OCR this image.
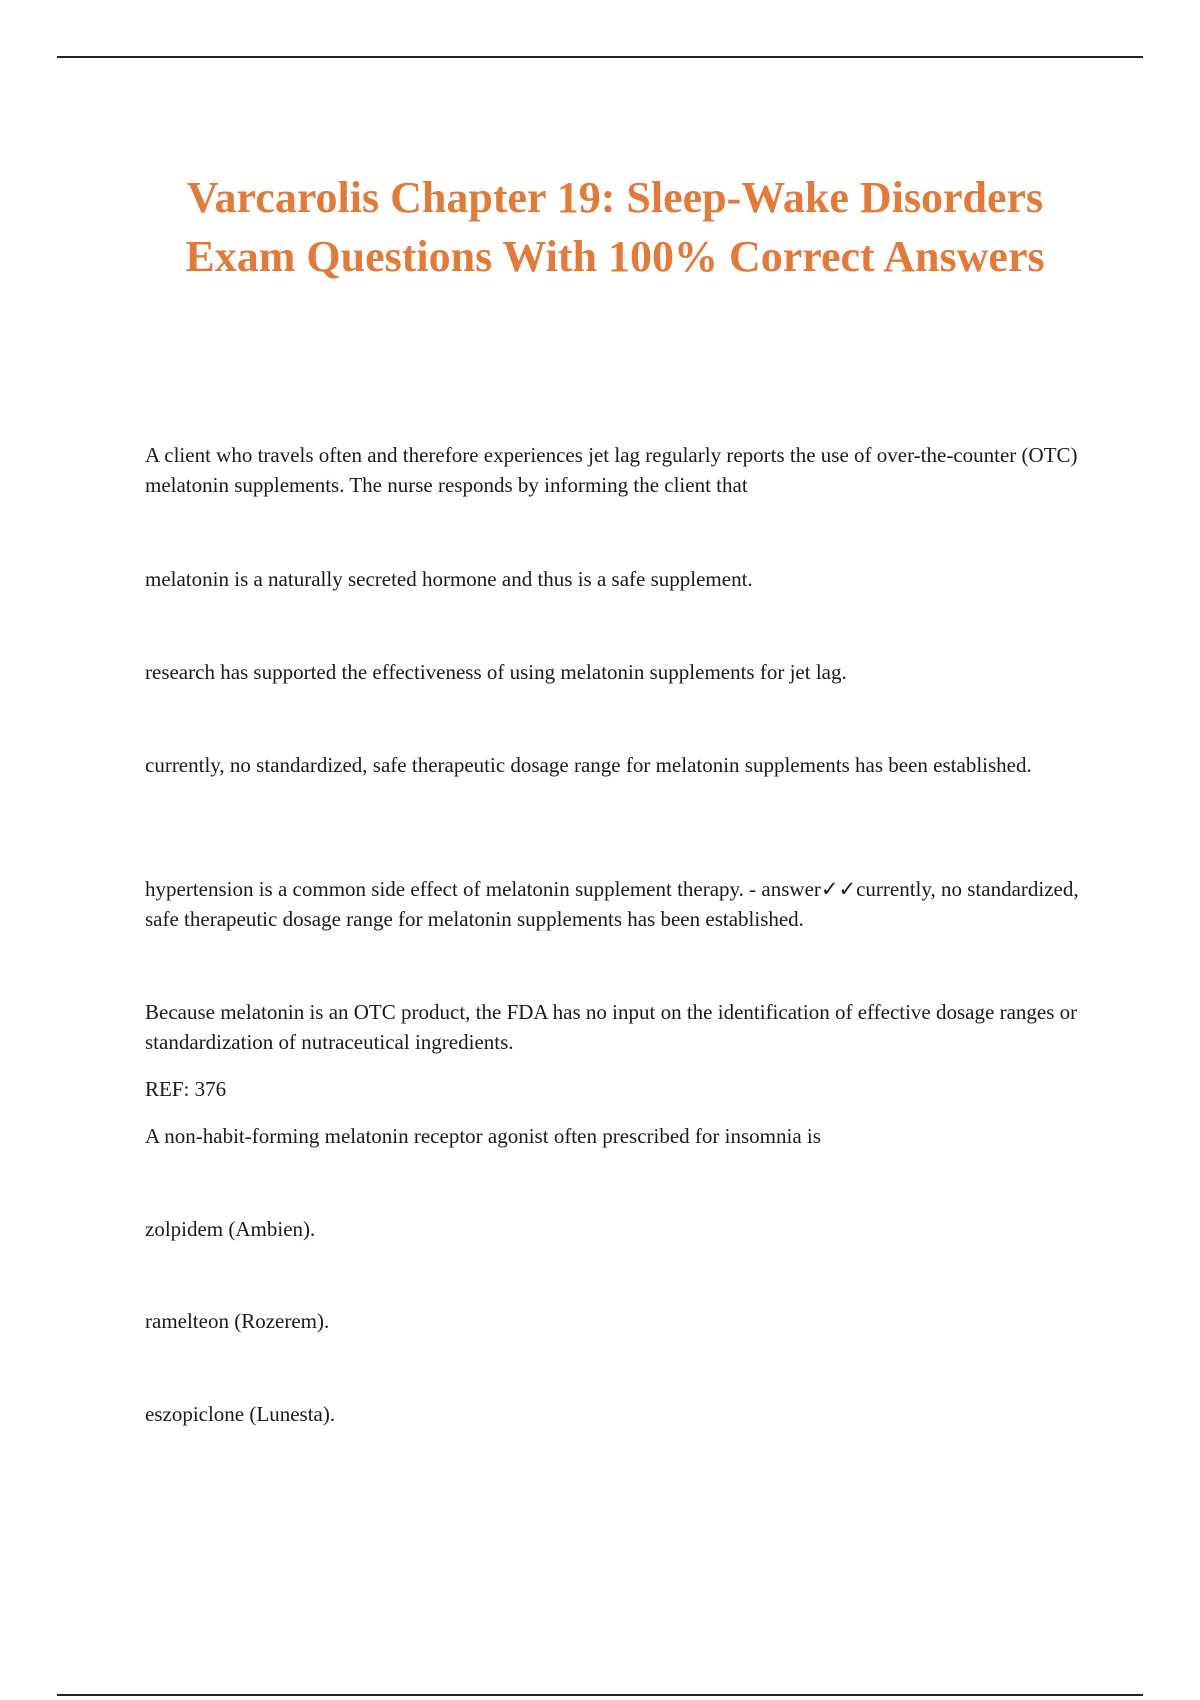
Varcarolis Chapter 19: Sleep-Wake Disorders Exam Questions With 100% Correct Answers

A client who travels often and therefore experiences jet lag regularly reports the use of over-the-counter (OTC) melatonin supplements. The nurse responds by informing the client that

melatonin is a naturally secreted hormone and thus is a safe supplement.

research has supported the effectiveness of using melatonin supplements for jet lag.

currently, no standardized, safe therapeutic dosage range for melatonin supplements has been established.

hypertension is a common side effect of melatonin supplement therapy. - answer✓✓currently, no standardized, safe therapeutic dosage range for melatonin supplements has been established.

Because melatonin is an OTC product, the FDA has no input on the identification of effective dosage ranges or standardization of nutraceutical ingredients.

REF: 376

A non-habit-forming melatonin receptor agonist often prescribed for insomnia is

zolpidem (Ambien).

ramelteon (Rozerem).

eszopiclone (Lunesta).
